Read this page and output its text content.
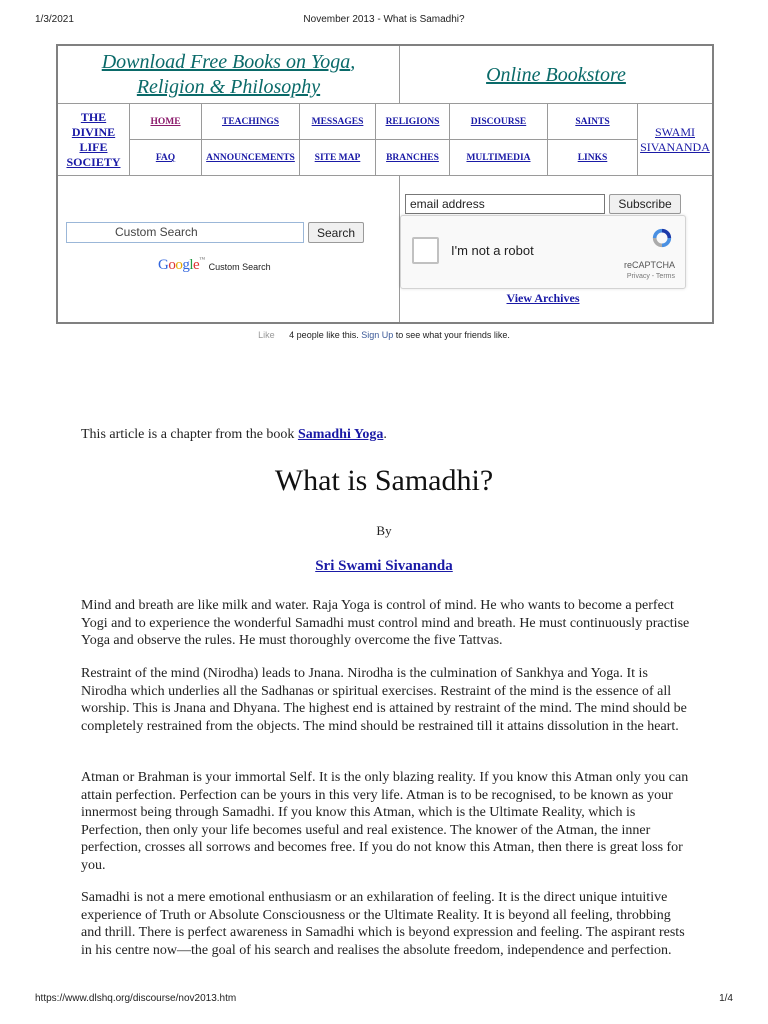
1/3/2021	November 2013 - What is Samadhi?
Download Free Books on Yoga,
Religion & Philosophy
Online Bookstore
THE
DIVINE
LIFE
SOCIETY
HOME	TEACHINGS	MESSAGES RELIGIONS	DISCOURSE	SAINTS
FAQ	ANNOUNCEMENTS SITE MAP	BRANCHES	MULTIMEDIA	LINKS
SWAMI
SIVANANDA
Custom Search	Search
Google™
Custom Search
email address	Subscribe
I'm not a robot
reCAPTCHA
Privacy - Terms
View Archives
Like 4 people like this. Sign Up to see what your friends like.
This article is a chapter from the book Samadhi Yoga.
What is Samadhi?
By
Sri Swami Sivananda

Mind and breath are like milk and water. Raja Yoga is control of mind. He who wants to become a perfect Yogi and to experience the wonderful Samadhi must control mind and breath. He must continuously practise Yoga and observe the rules. He must thoroughly overcome the five Tattvas.

Restraint of the mind (Nirodha) leads to Jnana. Nirodha is the culmination of Sankhya and Yoga. It is Nirodha which underlies all the Sadhanas or spiritual exercises. Restraint of the mind is the essence of all worship. This is Jnana and Dhyana. The highest end is attained by restraint of the mind. The mind should be completely restrained from the objects. The mind should be restrained till it attains dissolution in the heart.

Atman or Brahman is your immortal Self. It is the only blazing reality. If you know this Atman only you can attain perfection. Perfection can be yours in this very life. Atman is to be recognised, to be known as your innermost being through Samadhi. If you know this Atman, which is the Ultimate Reality, which is Perfection, then only your life becomes useful and real existence. The knower of the Atman, the inner perfection, crosses all sorrows and becomes free. If you do not know this Atman, then there is great loss for you.

Samadhi is not a mere emotional enthusiasm or an exhilaration of feeling. It is the direct unique intuitive experience of Truth or Absolute Consciousness or the Ultimate Reality. It is beyond all feeling, throbbing and thrill. There is perfect awareness in Samadhi which is beyond expression and feeling. The aspirant rests in his centre now—the goal of his search and realises the absolute freedom, independence and perfection.

https://www.dlshq.org/discourse/nov2013.htm	1/4
